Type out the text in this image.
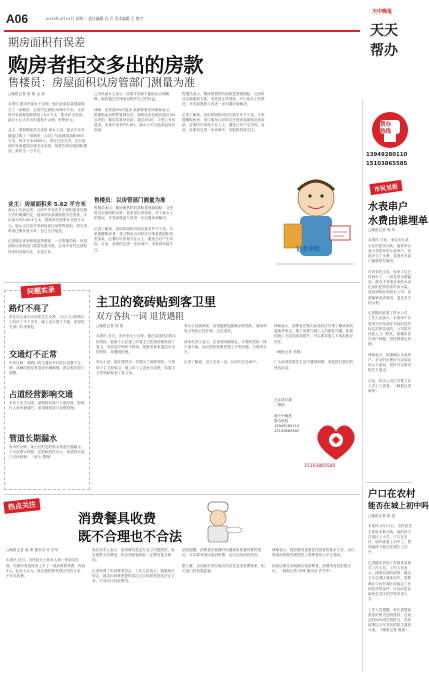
A06	2013年4月14日 星期二 责任编辑 肖 兵 美术编辑 王 敬宇
天中晚报
天天
帮办
期房面积有误差
购房者拒交多出的房款
售楼员：房屋面积以房管部门测量为准
□晚报记者 曾 敏 金 涛

本报讯 据市民郝女士反映，她在汝南县某楼盘购买了一套期房，合同约定面积为96平方米，交房时开发商称面积增加了4平方米，要求补交房款。郝女士认为多出的面积不合理，拒绝补交。

业主：面积增加多交房款 郝女士说，她去年在该楼盘订购了一套期房，合同上写明建筑面积96平方米，每平方米3800元，首付已经交齐。近日接到开发商通知办理交房手续，却被告知房屋面积增加，需补交一万多元。
业主：房屋面积多 5.62 平方米
郝女士告诉记者，合同中并没有关于面积误差处理方式的明确约定，她拿到实测面积报告后发现，多出部分有5.62平方米，按照单价需要补交两万余元。她认为这是开发商故意压低预售面积，到交房时再让购房者买单，自己无法接受。

记者随后来到该楼盘售楼部，一名售楼员称，房屋面积以房管部门测量结果为准，合同中有约定面积误差的处理办法，多退少补。
□市民郝女士表示，如果开发商不能给出合理解释，她将通过法律途径维护自己的权益。

律师：误差超3%可退房 某律师事务所律师表示，根据商品房销售管理办法，面积误差比绝对值在3%以内的，据实结算房价款；超过3%的，买受人有权退房。本案中误差约5.8%，郝女士可以选择退房或协商。
售楼员：以房管部门测量为准
售楼员表示，期房销售时的面积是预测面积，交房时以实测面积为准，误差是正常现象。对于郝女士的情况，开发商愿意与其进一步沟通协商解决。

记者了解到，类似的面积纠纷在我市并不少见。专家提醒购房者，签订购房合同时应仔细查看面积误差条款，必要时可咨询专业人士，避免日后产生纠纷。目前，此事仍在进一步协商中，本报将持续关注。
售楼员表示，期房销售时的面积是预测面积，交房时以实测面积为准，误差是正常现象。对于郝女士的情况，开发商愿意与其进一步沟通协商解决。

记者了解到，类似的面积纠纷在我市并不少见。专家提醒购房者，签订购房合同时应仔细查看面积误差条款，必要时可咨询专业人士，避免日后产生纠纷。目前，此事仍在进一步协商中，本报将持续关注。
记者来啦
问题实录
路灯不亮了
家住市区某小区的张先生反映，小区门口的路灯已经坏了半个多月，晚上出行很不方便，希望有关部门尽快修复。
交通灯不正常
市民反映，某路口的交通信号灯时长设置不合理，高峰时段经常造成车辆拥堵，建议相关部门调整。
占道经营影响交通
市民王先生反映，某路段有商户占道经营，影响行人和车辆通行，希望城管部门加强管理。
管道长期漏水
有市民反映，某小区附近的供水管道长期漏水，不仅浪费水资源，还影响居民出行，希望供水部门尽快维修。（叙小 整理）
主卫的瓷砖贴到客卫里
双方各执一词 退货遇阻
□晚报记者 郑 倩

本报讯 近日，市民李女士反映，她在某建材店购买的瓷砖，装修工人在施工时将主卫的瓷砖错贴到了客卫，导致部分瓷砖不够用。她要求商家退还多余的瓷砖，却遭到拒绝。

李女士说，她在建材店一共购买了两种瓷砖，分别用于主卫和客卫。施工时工人没有分清楚，结果主卫的瓷砖贴到了客卫里。
李女士找到商家，希望能够退换剩余的瓷砖，商家却表示瓷砖已经开箱，无法退货。

商家负责人表示，店里有明确规定，开箱的瓷砖一律不退不换，而且瓷砖贴错是施工方的问题，与商家无关。

记者了解到，双方各执一词，目前仍在协商中。
律师表示，消费者在购买商品时应仔细了解商家的退换货规定，施工前要与施工人员做好沟通。如果因施工方原因造成损失，可以要求施工方承担相应责任。

（晚报记者 郑倩）

广大读者如果在生活中遇到困难，欢迎拨打我们的热线电话。
关注请扫描
二维码

@天中晚报
帮办热线
13949280110
15103865585
15103865585
热点关注
消费餐具收费
既不合理也不合法
□晚报记者 周 坤 通讯员 许 学华

本报讯 近日，市民赵女士和家人到一家饭店吃饭，结账时发现账单上多了一项消毒餐具费，每套2元。赵女士认为，饭店提供餐具是应尽的义务，不应另收费。
饭店负责人表示，消毒餐具是由专业公司提供的，饭店需要支付费用，所以向顾客收取一定费用是合理的。

记者咨询了市消费者协会，工作人员表示，根据相关规定，饭店向消费者提供清洁卫生的餐具是其法定义务，不得另行收取费用。
消协提醒，消费者在就餐时如遇到收取餐具费的情况，可以要求饭店取消收费，也可以向消协投诉。

据了解，目前我市部分饭店仍存在此类收费现象，相关部门将加强监管。
律师表示，提供餐具是餐饮经营者的基本义务，另行收取消毒餐具费侵犯了消费者的公平交易权。

如饭店事先未明确告知消费者，消费者有权拒绝支付。（晚报记者 周坤 通讯员 许学华）
帮办
热线
13949280110
15103865585
市民呈报
水表串户
水费由谁埋单
□晚报记者 海 华

本报讯 日前，家住市区某小区的居民反映，他家的水表与邻居家的水表串户，导致多交了水费，希望有关部门能够帮忙解决。

市民刘先生说，他家入住已经两年了，一直觉得水费偏高，最近才发现自家的水表记录的是邻居家的用水量。他找到物业和供水公司，希望能够查清原因，退还多交的水费。

记者随后联系了供水公司，工作人员表示，水表串户多是因为开发商在安装时没有标注清楚造成的，公司将尽快派人上门核实，如确实存在串户问题，将按照规定处理。

律师表示，如果确认水表串户，多交的水费应当由实际用水人承担，居民可以要求相关方退还。

目前，供水公司已安排工作人员上门查看。（晚报记者 海华）
户口在农村
能否在城上初中吗
□晚报记者 熊 燕

本报讯 4月11日，市民张先生致电本报反映，他的孩子在城区上小学，户口在农村，明年就要上初中了，想知道孩子能否在城区上初中。

记者随后咨询了市教育局相关工作人员，工作人员表示，按照目前的政策，随迁子女在城区就读初中，需要满足父母在城区有稳定工作和住所等条件，可以向居住地所在学区的学校申请入学。

工作人员提醒，家长需提前准备好相关证明材料，在规定时间内到学校报名，具体政策以当年发布的招生通知为准。（晚报记者 熊燕）
